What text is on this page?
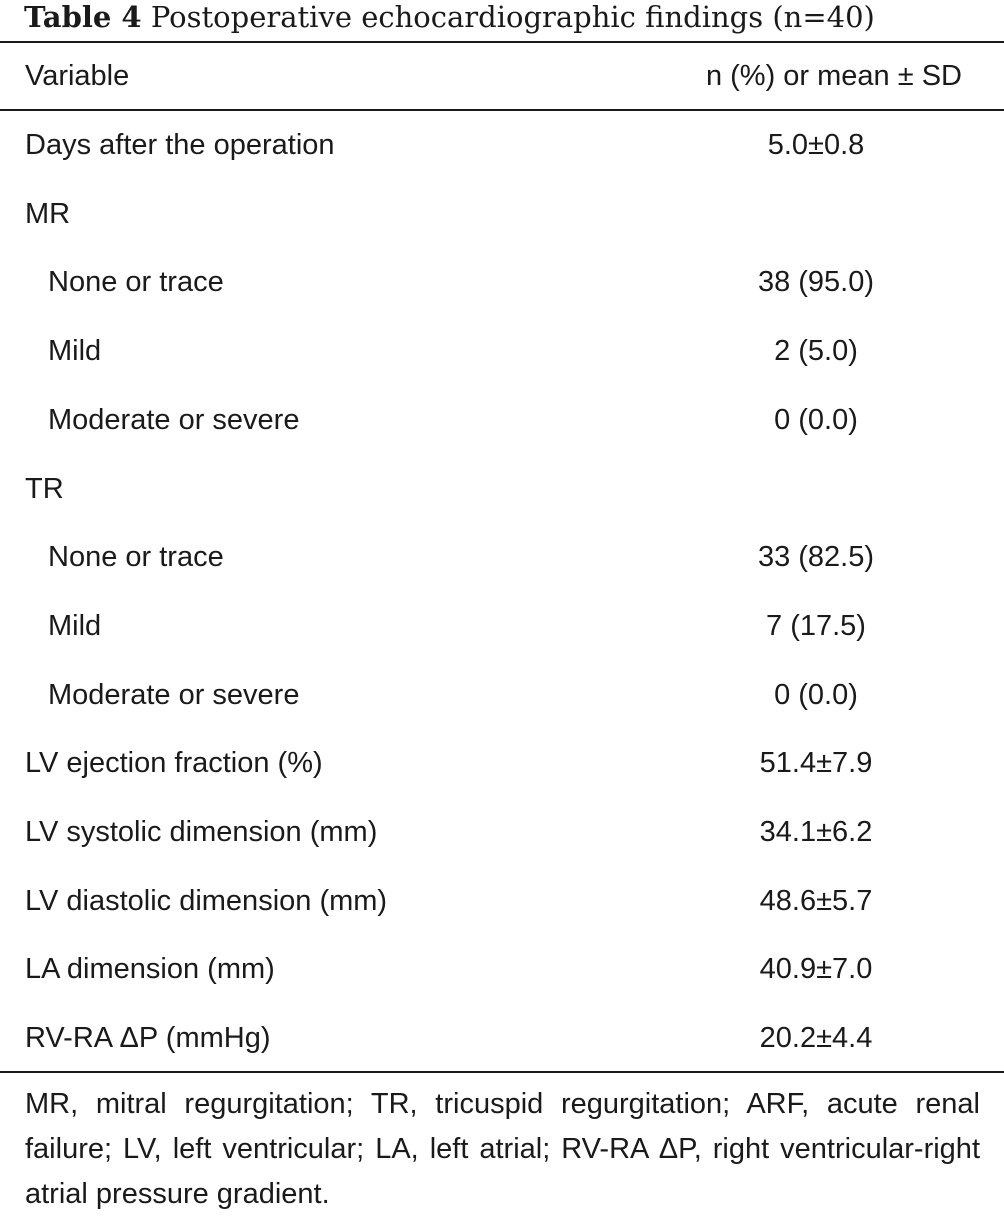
Table 4 Postoperative echocardiographic findings (n=40)
Variable	n (%) or mean ± SD
Days after the operation	5.0±0.8
MR
None or trace	38 (95.0)
Mild	2 (5.0)
Moderate or severe	0 (0.0)
TR
None or trace	33 (82.5)
Mild	7 (17.5)
Moderate or severe	0 (0.0)
LV ejection fraction (%)	51.4±7.9
LV systolic dimension (mm)	34.1±6.2
LV diastolic dimension (mm)	48.6±5.7
LA dimension (mm)	40.9±7.0
RV-RA ΔP (mmHg)	20.2±4.4
MR, mitral regurgitation; TR, tricuspid regurgitation; ARF, acute renal failure; LV, left ventricular; LA, left atrial; RV-RA ΔP, right ventricular-right atrial pressure gradient.
